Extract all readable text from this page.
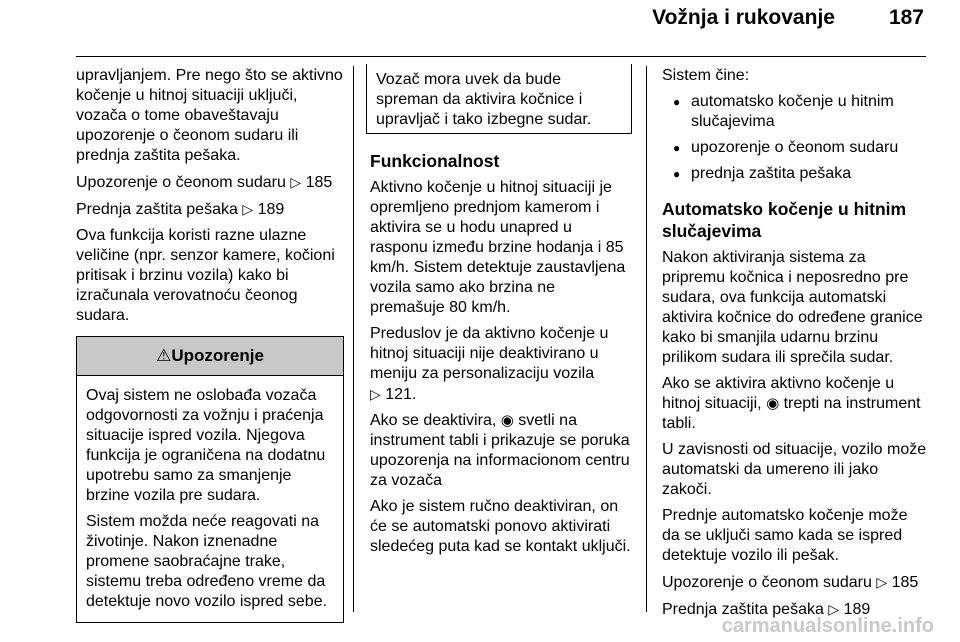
Vožnja i rukovanje	187

upravljanjem. Pre nego što se aktivno kočenje u hitnoj situaciji uključi, vozača o tome obaveštavaju upozorenje o čeonom sudaru ili prednja zaštita pešaka.

Upozorenje o čeonom sudaru ▷ 185

Prednja zaštita pešaka ▷ 189

Ova funkcija koristi razne ulazne veličine (npr. senzor kamere, kočioni pritisak i brzinu vozila) kako bi izračunala verovatnoću čeonog sudara.

⚠Upozorenje

Ovaj sistem ne oslobađa vozača odgovornosti za vožnju i praćenja situacije ispred vozila. Njegova funkcija je ograničena na dodatnu upotrebu samo za smanjenje brzine vozila pre sudara.

Sistem možda neće reagovati na životinje. Nakon iznenadne promene saobraćajne trake, sistemu treba određeno vreme da detektuje novo vozilo ispred sebe.

Vozač mora uvek da bude spreman da aktivira kočnice i upravljač i tako izbegne sudar.
Funkcionalnost

Aktivno kočenje u hitnoj situaciji je opremljeno prednjom kamerom i aktivira se u hodu unapred u rasponu između brzine hodanja i 85 km/h. Sistem detektuje zaustavljena vozila samo ako brzina ne premašuje 80 km/h.

Preduslov je da aktivno kočenje u hitnoj situaciji nije deaktivirano u meniju za personalizaciju vozila
▷ 121.

Ako se deaktivira, ◉ svetli na instrument tabli i prikazuje se poruka upozorenja na informacionom centru za vozača

Ako je sistem ručno deaktiviran, on će se automatski ponovo aktivirati sledećeg puta kad se kontakt uključi.

Sistem čine:

● automatsko kočenje u hitnim slučajevima
● upozorenje o čeonom sudaru
● prednja zaštita pešaka
Automatsko kočenje u hitnim slučajevima

Nakon aktiviranja sistema za pripremu kočnica i neposredno pre sudara, ova funkcija automatski aktivira kočnice do određene granice kako bi smanjila udarnu brzinu prilikom sudara ili sprečila sudar.

Ako se aktivira aktivno kočenje u hitnoj situaciji, ◉ trepti na instrument tabli.

U zavisnosti od situacije, vozilo može automatski da umereno ili jako zakoči.

Prednje automatsko kočenje može da se uključi samo kada se ispred detektuje vozilo ili pešak.

Upozorenje o čeonom sudaru ▷ 185

Prednja zaštita pešaka ▷ 189

carmanualsonline.info
